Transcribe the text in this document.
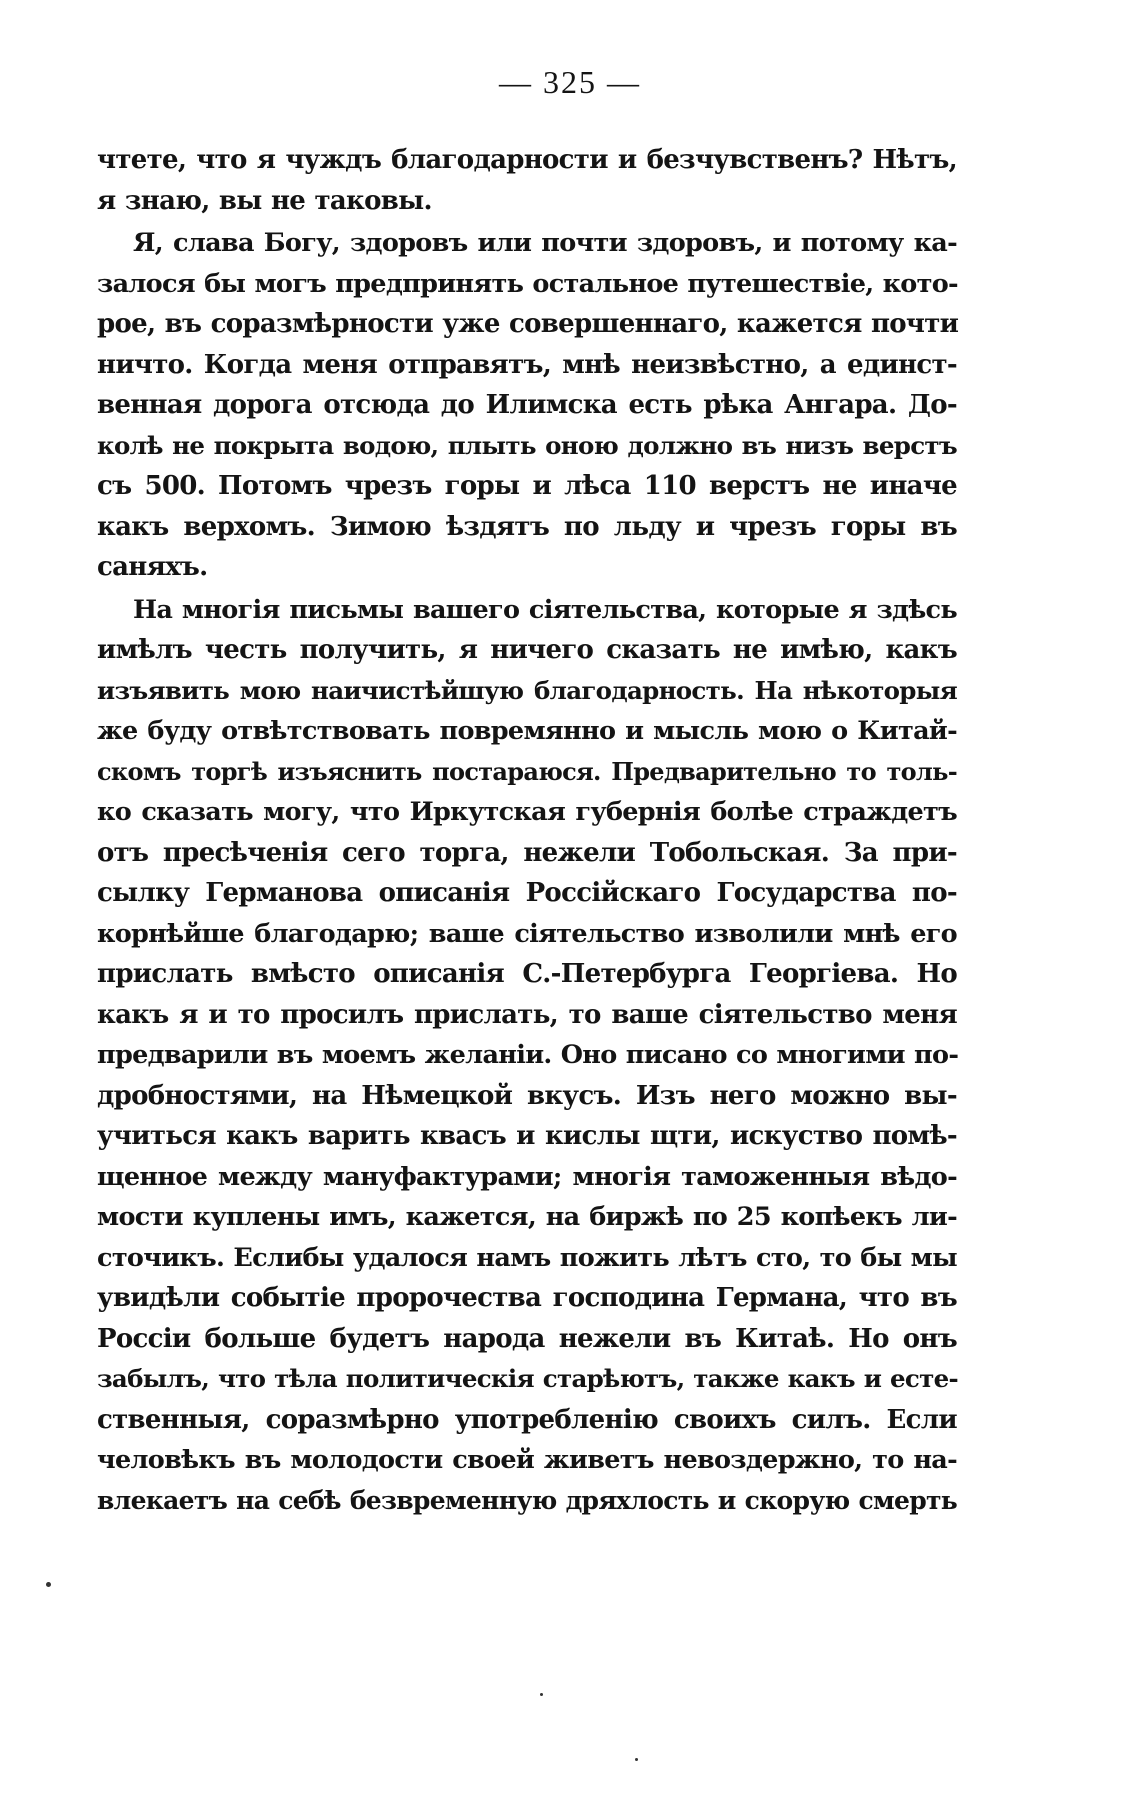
— 325 —
чтете, что я чуждъ благодарности и безчувственъ? Нѣтъ,
я знаю, вы не таковы.
Я, слава Богу, здоровъ или почти здоровъ, и потому ка-
залося бы могъ предпринять остальное путешествіе, кото-
рое, въ соразмѣрности уже совершеннаго, кажется почти
ничто. Когда меня отправятъ, мнѣ неизвѣстно, а единст-
венная дорога отсюда до Илимска есть рѣка Ангара. До-
колѣ не покрыта водою, плыть оною должно въ низъ верстъ
съ 500. Потомъ чрезъ горы и лѣса 110 верстъ не иначе
какъ верхомъ. Зимою ѣздятъ по льду и чрезъ горы въ
саняхъ.
На многія письмы вашего сіятельства, которые я здѣсь
имѣлъ честь получить, я ничего сказать не имѣю, какъ
изъявить мою наичистѣйшую благодарность. На нѣкоторыя
же буду отвѣтствовать повремянно и мысль мою о Китай-
скомъ торгѣ изъяснить постараюся. Предварительно то толь-
ко сказать могу, что Иркутская губернія болѣе страждетъ
отъ пресѣченія сего торга, нежели Тобольская. За при-
сылку Германова описанія Россійскаго Государства по-
корнѣйше благодарю; ваше сіятельство изволили мнѣ его
прислать вмѣсто описанія С.-Петербурга Георгіева. Но
какъ я и то просилъ прислать, то ваше сіятельство меня
предварили въ моемъ желаніи. Оно писано со многими по-
дробностями, на Нѣмецкой вкусъ. Изъ него можно вы-
учиться какъ варить квасъ и кислы щти, искуство помѣ-
щенное между мануфактурами; многія таможенныя вѣдо-
мости куплены имъ, кажется, на биржѣ по 25 копѣекъ ли-
сточикъ. Еслибы удалося намъ пожить лѣтъ сто, то бы мы
увидѣли событіе пророчества господина Германа, что въ
Россіи больше будетъ народа нежели въ Китаѣ. Но онъ
забылъ, что тѣла политическія старѣютъ, также какъ и есте-
ственныя, соразмѣрно употребленію своихъ силъ. Если
человѣкъ въ молодости своей живетъ невоздержно, то на-
влекаетъ на себѣ безвременную дряхлость и скорую смерть
